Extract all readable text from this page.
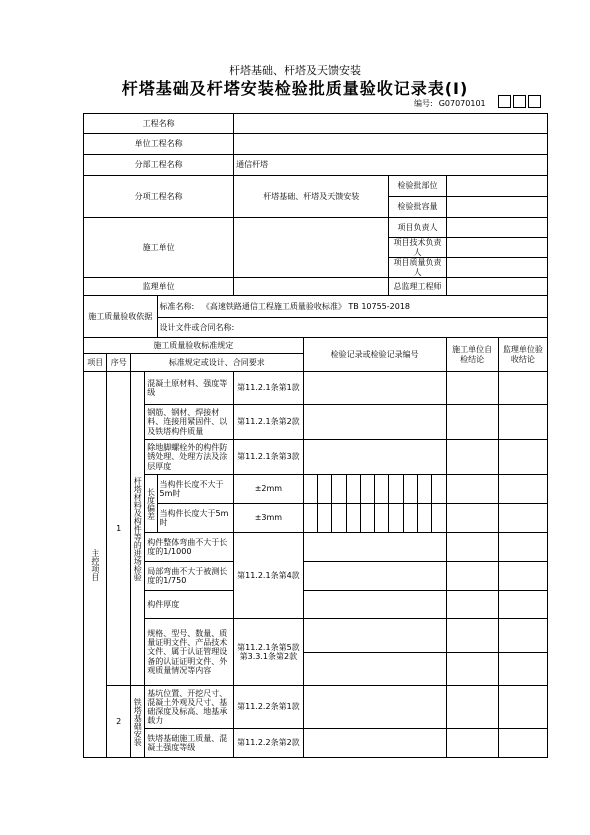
杆塔基础、杆塔及天馈安装
杆塔基础及杆塔安装检验批质量验收记录表(Ⅰ)
编号: G07070101
工程名称																	
单位工程名称																	
分部工程名称					通信杆塔												
分项工程名称					杆塔基础、杆塔及天馈安装							检验批部位					
												检验批容量					
施工单位												项目负责人					
												项目技术负责人					
												项目质量负责人					
监理单位												总监理工程师					
施工质量验收依据				标准名称: 《高速铁路通信工程施工质量验收标准》 TB 10755-2018													
				设计文件或合同名称:													
施工质量验收标准规定						检验记录或检验记录编号										施工单位自检结论	监理单位验收结论
项目	序号	标准规定或设计、合同要求															

主控项目	1	杆塔材料及构件等的进场检验	混凝土原材料、强度等级		第11.2.1条第1款												
			钢筋、钢材、焊接材料、连接用紧固件、以及铁塔构件质量		第11.2.1条第2款												
			除地脚螺栓外的构件防锈处理、处理方法及涂层厚度		第11.2.1条第3款												

			长度偏差	当构件长度不大于5m时	±2mm												
				当构件长度大于5m时	±3mm												
			构件整体弯曲不大于长度的1/1000		第11.2.1条第4款												
			局部弯曲不大于被测长度的1/750														
			构件厚度														
			规格、型号、数量、质量证明文件、产品技术文件、属于认证管理设备的认证证明文件、外观质量情况等内容		第11.2.1条第5款第3.3.1条第2款												

	2	铁塔基础安装	基坑位置、开挖尺寸、混凝土外观及尺寸、基础深度及标高、地基承载力		第11.2.2条第1款												
			铁塔基础施工质量、混凝土强度等级		第11.2.2条第2款												
